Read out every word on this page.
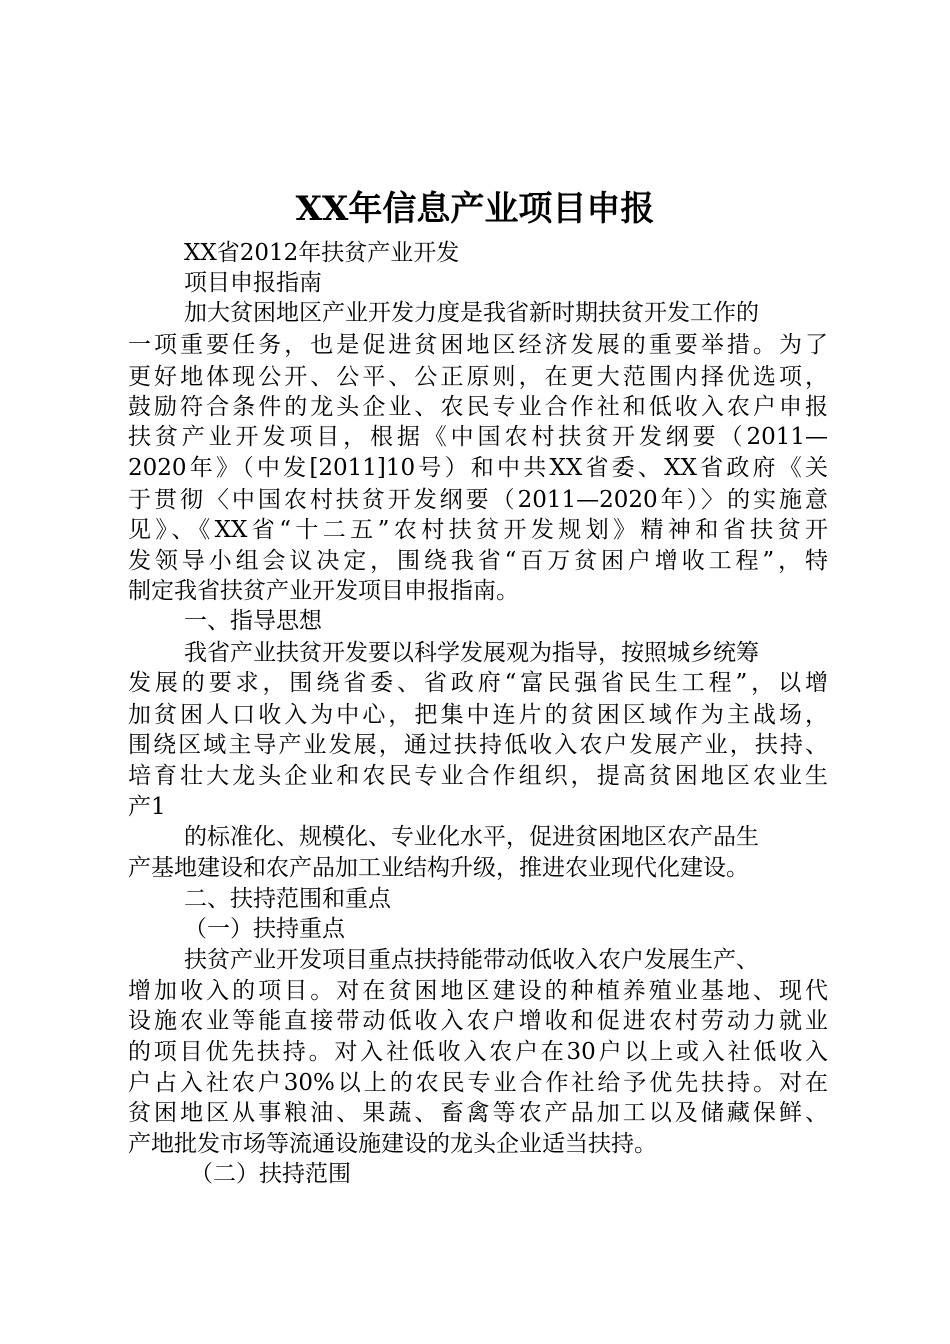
XX年信息产业项目申报
XX省2012年扶贫产业开发
项目申报指南
加大贫困地区产业开发力度是我省新时期扶贫开发工作的
一项重要任务，也是促进贫困地区经济发展的重要举措。为了
更好地体现公开、公平、公正原则，在更大范围内择优选项，
鼓励符合条件的龙头企业、农民专业合作社和低收入农户申报
扶贫产业开发项目，根据《中国农村扶贫开发纲要（2011—
2020年》（中发[2011]10号）和中共XX省委、XX省政府《关
于贯彻〈中国农村扶贫开发纲要（2011—2020年）〉的实施意
见》、《XX省“十二五”农村扶贫开发规划》精神和省扶贫开
发领导小组会议决定，围绕我省“百万贫困户增收工程”，特
制定我省扶贫产业开发项目申报指南。
一、指导思想
我省产业扶贫开发要以科学发展观为指导，按照城乡统筹
发展的要求，围绕省委、省政府“富民强省民生工程”，以增
加贫困人口收入为中心，把集中连片的贫困区域作为主战场，
围绕区域主导产业发展，通过扶持低收入农户发展产业，扶持、
培育壮大龙头企业和农民专业合作组织，提高贫困地区农业生
产1
的标准化、规模化、专业化水平，促进贫困地区农产品生
产基地建设和农产品加工业结构升级，推进农业现代化建设。
二、扶持范围和重点
（一）扶持重点
扶贫产业开发项目重点扶持能带动低收入农户发展生产、
增加收入的项目。对在贫困地区建设的种植养殖业基地、现代
设施农业等能直接带动低收入农户增收和促进农村劳动力就业
的项目优先扶持。对入社低收入农户在30户以上或入社低收入
户占入社农户30%以上的农民专业合作社给予优先扶持。对在
贫困地区从事粮油、果蔬、畜禽等农产品加工以及储藏保鲜、
产地批发市场等流通设施建设的龙头企业适当扶持。
（二）扶持范围
